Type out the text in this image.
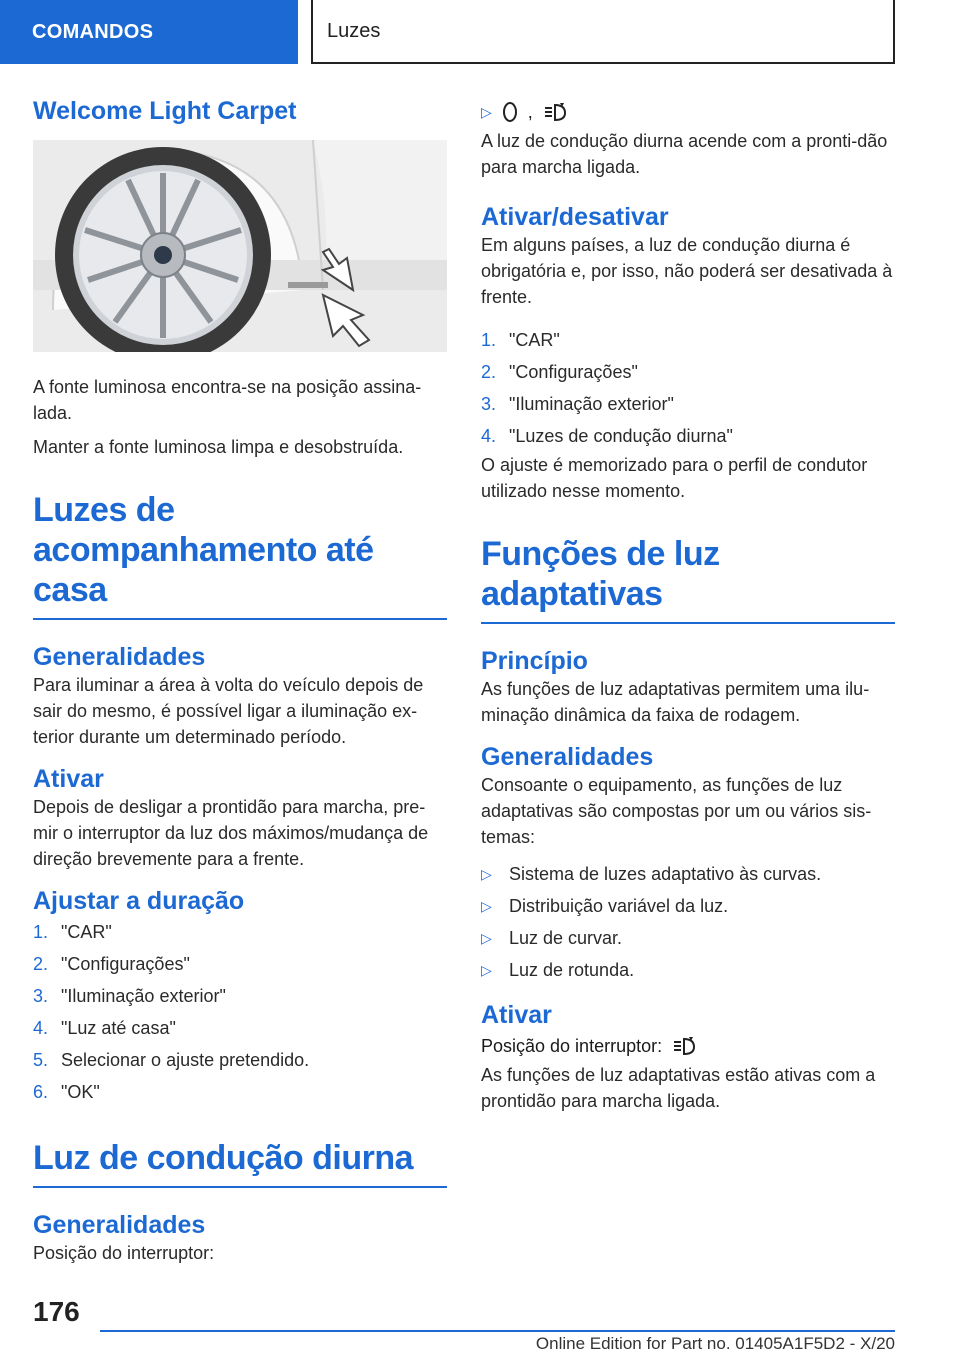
COMANDOS	Luzes
Welcome Light Carpet

A fonte luminosa encontra-se na posição assina-lada.

Manter a fonte luminosa limpa e desobstruída.

Luzes de acompanhamento até casa
Generalidades

Para iluminar a área à volta do veículo depois de sair do mesmo, é possível ligar a iluminação ex-terior durante um determinado período.

Ativar

Depois de desligar a prontidão para marcha, pre-mir o interruptor da luz dos máximos/mudança de direção brevemente para a frente.

Ajustar a duração
1. "CAR"
2. "Configurações"
3. "Iluminação exterior"
4. "Luz até casa"
5. Selecionar o ajuste pretendido.
6. "OK"
Luz de condução diurna
Generalidades

Posição do interruptor:

▷ ,

A luz de condução diurna acende com a pronti-dão para marcha ligada.

Ativar/desativar

Em alguns países, a luz de condução diurna é obrigatória e, por isso, não poderá ser desativada à frente.

1. "CAR"
2. "Configurações"
3. "Iluminação exterior"
4. "Luzes de condução diurna"

O ajuste é memorizado para o perfil de condutor utilizado nesse momento.

Funções de luz adaptativas
Princípio

As funções de luz adaptativas permitem uma ilu-minação dinâmica da faixa de rodagem.

Generalidades

Consoante o equipamento, as funções de luz adaptativas são compostas por um ou vários sis-temas:

▷ Sistema de luzes adaptativo às curvas.
▷ Distribuição variável da luz.
▷ Luz de curvar.
▷ Luz de rotunda.
Ativar
Posição do interruptor:

As funções de luz adaptativas estão ativas com a prontidão para marcha ligada.

176
Online Edition for Part no. 01405A1F5D2 - X/20
